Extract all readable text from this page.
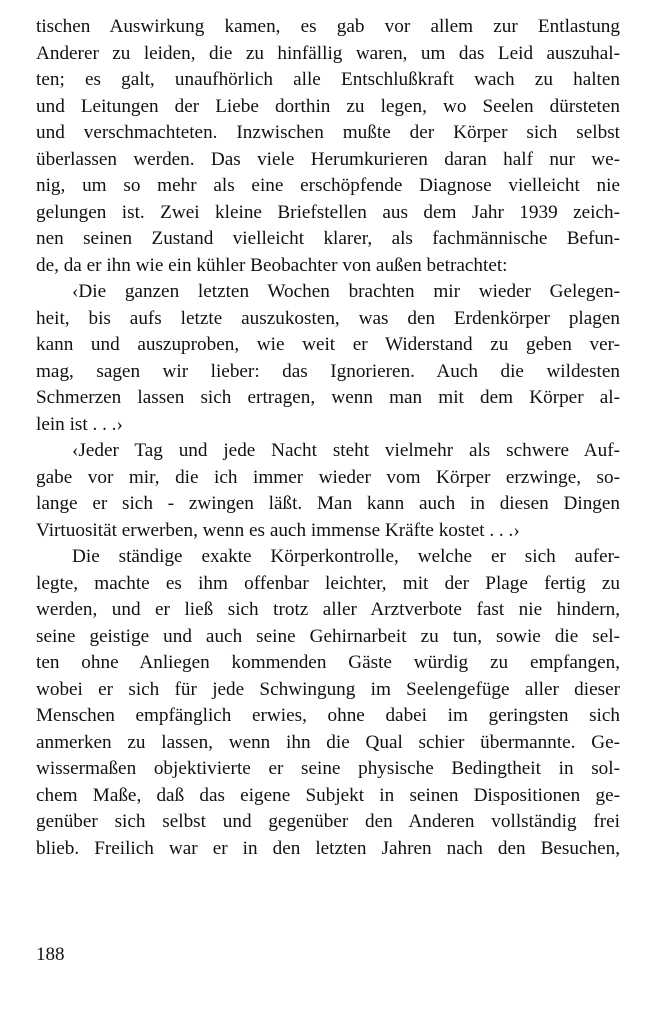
tischen Auswirkung kamen, es gab vor allem zur Entlastung
Anderer zu leiden, die zu hinfällig waren, um das Leid auszuhal-
ten; es galt, unaufhörlich alle Entschlußkraft wach zu halten
und Leitungen der Liebe dorthin zu legen, wo Seelen dürsteten
und verschmachteten. Inzwischen mußte der Körper sich selbst
überlassen werden. Das viele Herumkurieren daran half nur we-
nig, um so mehr als eine erschöpfende Diagnose vielleicht nie
gelungen ist. Zwei kleine Briefstellen aus dem Jahr 1939 zeich-
nen seinen Zustand vielleicht klarer, als fachmännische Befun-
de, da er ihn wie ein kühler Beobachter von außen betrachtet:
‹Die ganzen letzten Wochen brachten mir wieder Gelegen-
heit, bis aufs letzte auszukosten, was den Erdenkörper plagen
kann und auszuproben, wie weit er Widerstand zu geben ver-
mag, sagen wir lieber: das Ignorieren. Auch die wildesten
Schmerzen lassen sich ertragen, wenn man mit dem Körper al-
lein ist . . .›
‹Jeder Tag und jede Nacht steht vielmehr als schwere Auf-
gabe vor mir, die ich immer wieder vom Körper erzwinge, so-
lange er sich - zwingen läßt. Man kann auch in diesen Dingen
Virtuosität erwerben, wenn es auch immense Kräfte kostet . . .›
Die ständige exakte Körperkontrolle, welche er sich aufer-
legte, machte es ihm offenbar leichter, mit der Plage fertig zu
werden, und er ließ sich trotz aller Arztverbote fast nie hindern,
seine geistige und auch seine Gehirnarbeit zu tun, sowie die sel-
ten ohne Anliegen kommenden Gäste würdig zu empfangen,
wobei er sich für jede Schwingung im Seelengefüge aller dieser
Menschen empfänglich erwies, ohne dabei im geringsten sich
anmerken zu lassen, wenn ihn die Qual schier übermannte. Ge-
wissermaßen objektivierte er seine physische Bedingtheit in sol-
chem Maße, daß das eigene Subjekt in seinen Dispositionen ge-
genüber sich selbst und gegenüber den Anderen vollständig frei
blieb. Freilich war er in den letzten Jahren nach den Besuchen,
188
